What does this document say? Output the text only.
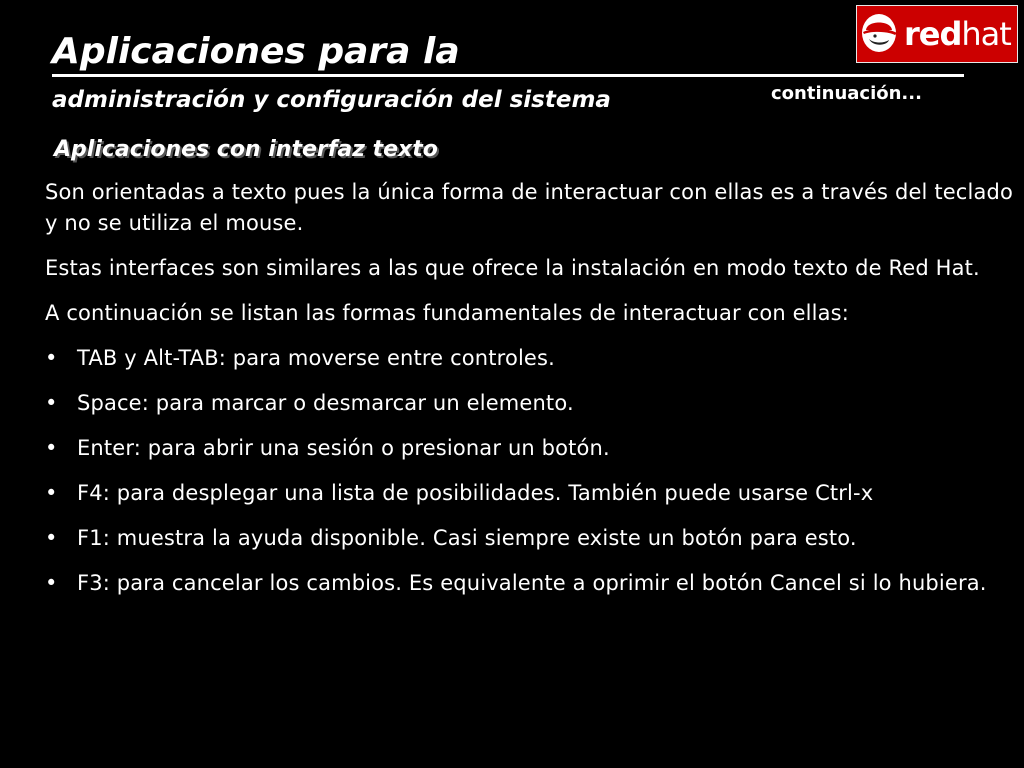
Aplicaciones para la
administración y configuración del sistema	continuación...
redhat
Aplicaciones con interfaz texto

Son orientadas a texto pues la única forma de interactuar con ellas es a través del teclado y no se utiliza el mouse.

Estas interfaces son similares a las que ofrece la instalación en modo texto de Red Hat.

A continuación se listan las formas fundamentales de interactuar con ellas:

• TAB y Alt-TAB: para moverse entre controles.
• Space: para marcar o desmarcar un elemento.
• Enter: para abrir una sesión o presionar un botón.
• F4: para desplegar una lista de posibilidades. También puede usarse Ctrl-x
• F1: muestra la ayuda disponible. Casi siempre existe un botón para esto.
• F3: para cancelar los cambios. Es equivalente a oprimir el botón Cancel si lo hubiera.
